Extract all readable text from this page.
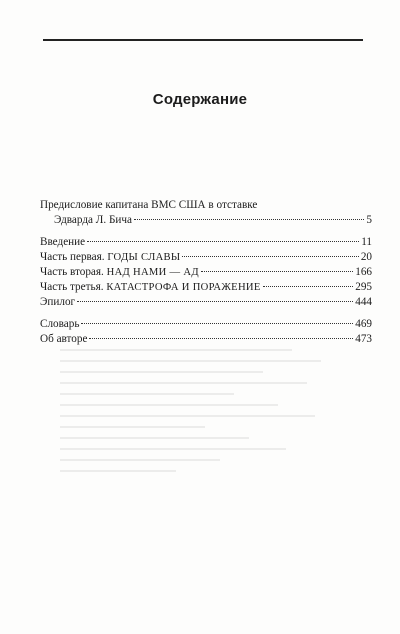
Содержание
Предисловие капитана ВМС США в отставке
Эдварда Л. Бича	5
Введение	11
Часть первая. ГОДЫ СЛАВЫ	20
Часть вторая. НАД НАМИ — АД	166
Часть третья. КАТАСТРОФА И ПОРАЖЕНИЕ	295
Эпилог	444
Словарь	469
Об авторе	473
